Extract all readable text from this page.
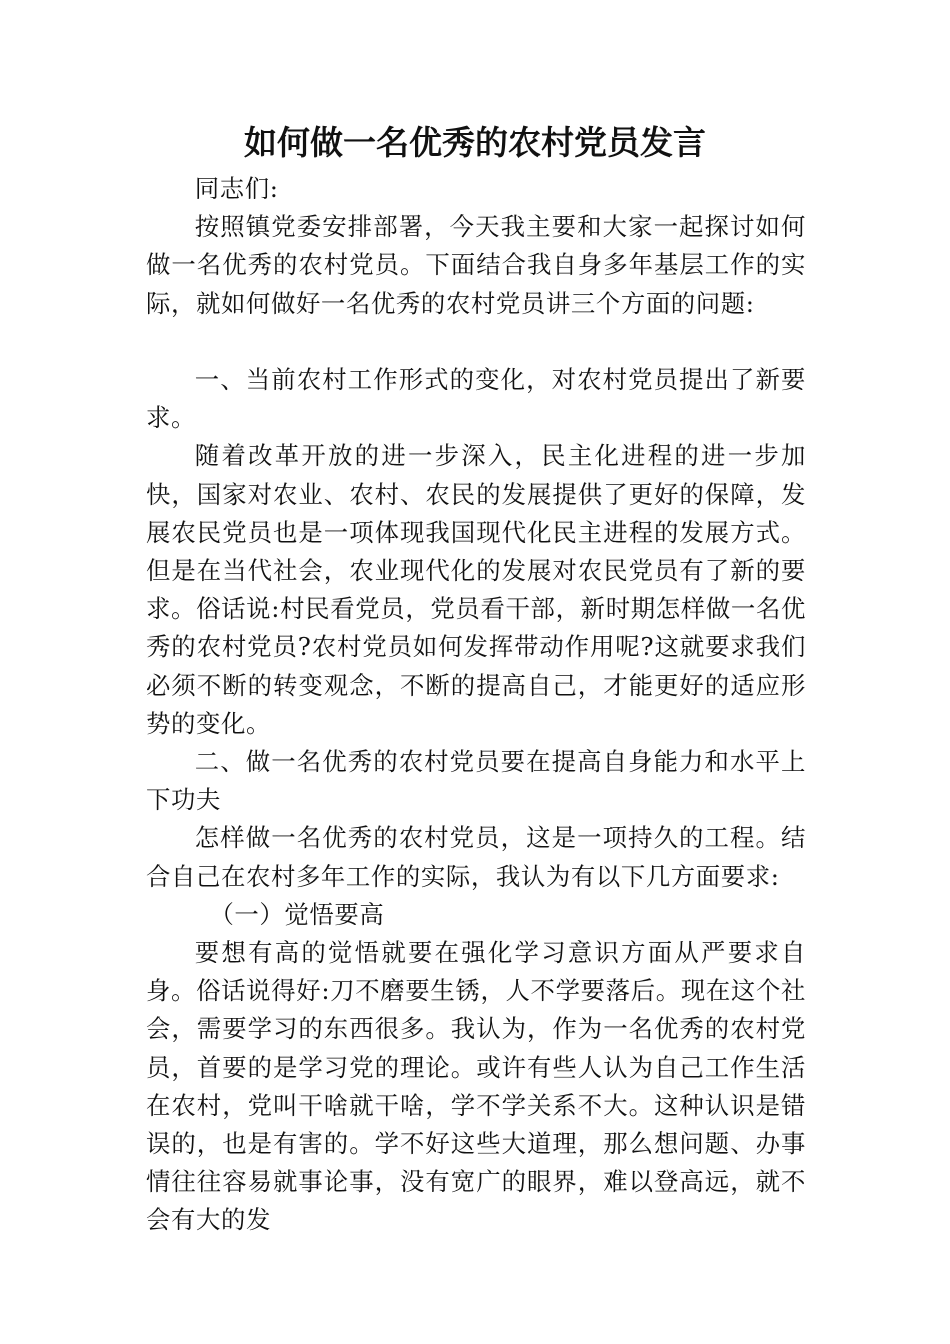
如何做一名优秀的农村党员发言

同志们:

按照镇党委安排部署，今天我主要和大家一起探讨如何做一名优秀的农村党员。下面结合我自身多年基层工作的实际，就如何做好一名优秀的农村党员讲三个方面的问题:

一、当前农村工作形式的变化，对农村党员提出了新要求。

随着改革开放的进一步深入，民主化进程的进一步加快，国家对农业、农村、农民的发展提供了更好的保障，发展农民党员也是一项体现我国现代化民主进程的发展方式。但是在当代社会，农业现代化的发展对农民党员有了新的要求。俗话说:村民看党员，党员看干部，新时期怎样做一名优秀的农村党员?农村党员如何发挥带动作用呢?这就要求我们必须不断的转变观念，不断的提高自己，才能更好的适应形势的变化。

二、做一名优秀的农村党员要在提高自身能力和水平上下功夫

怎样做一名优秀的农村党员，这是一项持久的工程。结合自己在农村多年工作的实际，我认为有以下几方面要求:

（一）觉悟要高

要想有高的觉悟就要在强化学习意识方面从严要求自身。俗话说得好:刀不磨要生锈，人不学要落后。现在这个社会，需要学习的东西很多。我认为，作为一名优秀的农村党员，首要的是学习党的理论。或许有些人认为自己工作生活在农村，党叫干啥就干啥，学不学关系不大。这种认识是错误的，也是有害的。学不好这些大道理，那么想问题、办事情往往容易就事论事，没有宽广的眼界，难以登高远，就不会有大的发
